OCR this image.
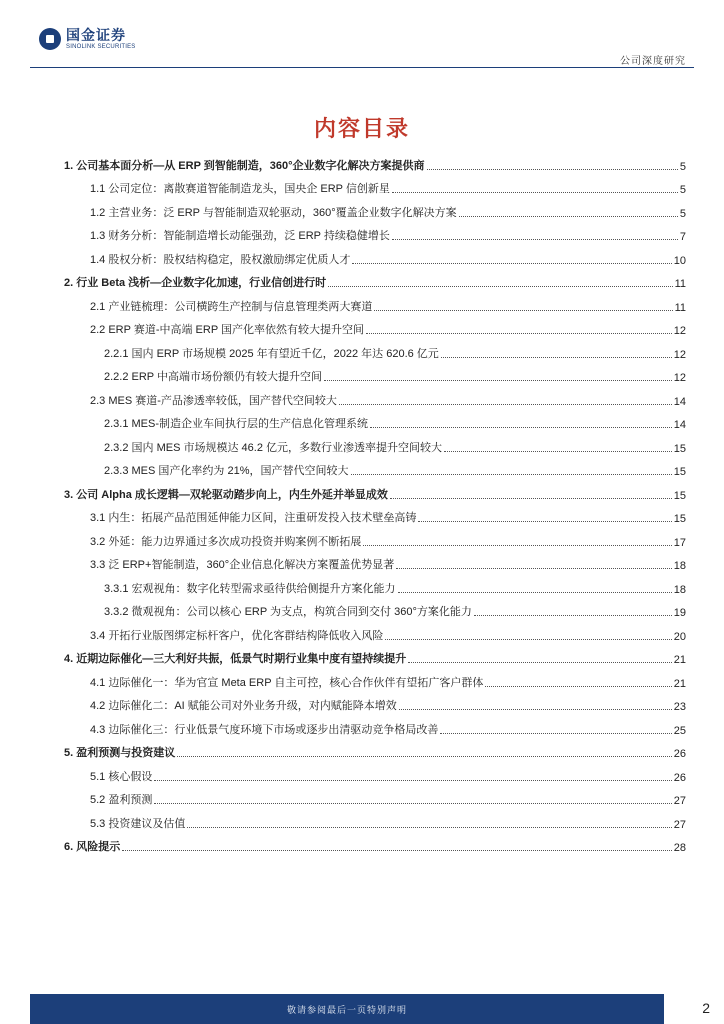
国金证券
SINOLINK SECURITIES
公司深度研究
内容目录
1. 公司基本面分析—从 ERP 到智能制造，360°企业数字化解决方案提供商	5
1.1 公司定位：离散赛道智能制造龙头，国央企 ERP 信创新星	5
1.2 主营业务：泛 ERP 与智能制造双轮驱动，360°覆盖企业数字化解决方案	5
1.3 财务分析：智能制造增长动能强劲，泛 ERP 持续稳健增长	7
1.4 股权分析：股权结构稳定，股权激励绑定优质人才	10
2. 行业 Beta 浅析—企业数字化加速，行业信创进行时	11
2.1 产业链梳理：公司横跨生产控制与信息管理类两大赛道	11
2.2 ERP 赛道-中高端 ERP 国产化率依然有较大提升空间	12
2.2.1 国内 ERP 市场规模 2025 年有望近千亿，2022 年达 620.6 亿元	12
2.2.2 ERP 中高端市场份额仍有较大提升空间	12
2.3 MES 赛道-产品渗透率较低，国产替代空间较大	14
2.3.1 MES-制造企业车间执行层的生产信息化管理系统	14
2.3.2 国内 MES 市场规模达 46.2 亿元，多数行业渗透率提升空间较大	15
2.3.3 MES 国产化率约为 21%，国产替代空间较大	15
3. 公司 Alpha 成长逻辑—双轮驱动踏步向上，内生外延并举显成效	15
3.1 内生：拓展产品范围延伸能力区间，注重研发投入技术壁垒高铸	15
3.2 外延：能力边界通过多次成功投资并购案例不断拓展	17
3.3 泛 ERP+智能制造，360°企业信息化解决方案覆盖优势显著	18
3.3.1 宏观视角：数字化转型需求亟待供给侧提升方案化能力	18
3.3.2 微观视角：公司以核心 ERP 为支点，构筑合同到交付 360°方案化能力	19
3.4 开拓行业版图绑定标杆客户，优化客群结构降低收入风险	20
4. 近期边际催化—三大利好共振，低景气时期行业集中度有望持续提升	21
4.1 边际催化一：华为官宣 Meta ERP 自主可控，核心合作伙伴有望拓广客户群体	21
4.2 边际催化二：AI 赋能公司对外业务升级，对内赋能降本增效	23
4.3 边际催化三：行业低景气度环境下市场或逐步出清驱动竞争格局改善	25
5. 盈利预测与投资建议	26
5.1 核心假设	26
5.2 盈利预测	27
5.3 投资建议及估值	27
6. 风险提示	28
敬请参阅最后一页特别声明	2
